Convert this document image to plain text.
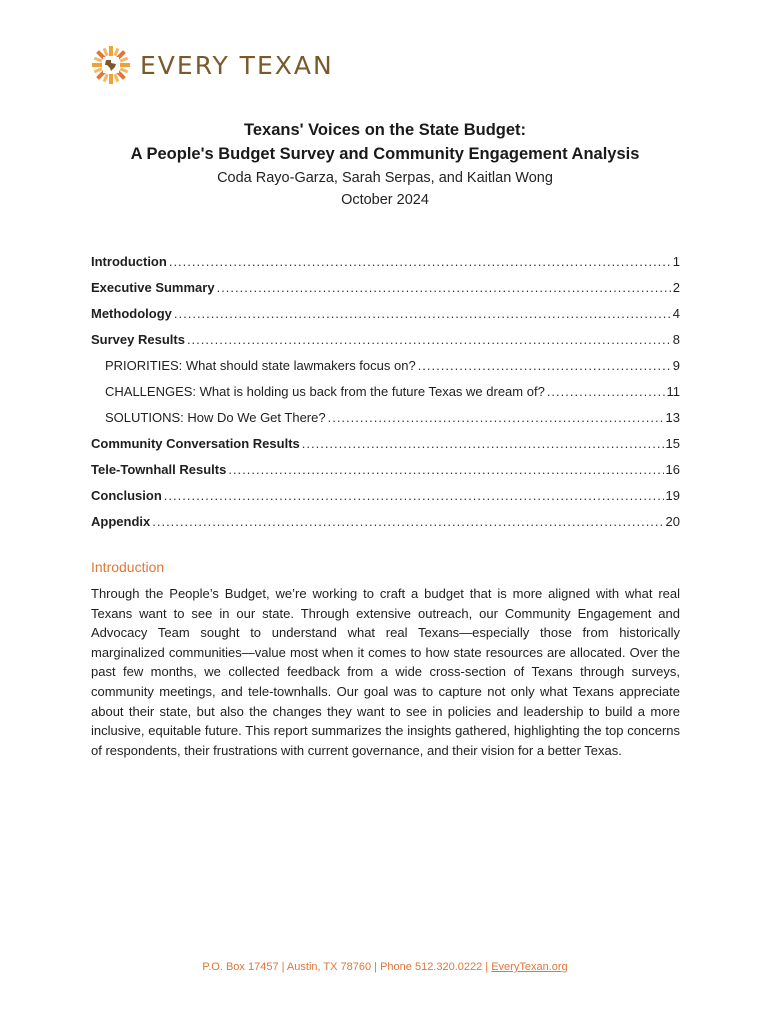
EVERY TEXAN
Texans' Voices on the State Budget:
A People's Budget Survey and Community Engagement Analysis
Coda Rayo-Garza, Sarah Serpas, and Kaitlan Wong
October 2024
Introduction .....	1
Executive Summary .....	2
Methodology .....	4
Survey Results .....	8
PRIORITIES: What should state lawmakers focus on? .....	9
CHALLENGES: What is holding us back from the future Texas we dream of? .....	11
SOLUTIONS: How Do We Get There? .....	13
Community Conversation Results .....	15
Tele-Townhall Results .....	16
Conclusion .....	19
Appendix .....	20
Introduction
Through the People’s Budget, we’re working to craft a budget that is more aligned with what real Texans want to see in our state. Through extensive outreach, our Community Engagement and Advocacy Team sought to understand what real Texans—especially those from historically marginalized communities—value most when it comes to how state resources are allocated. Over the past few months, we collected feedback from a wide cross-section of Texans through surveys, community meetings, and tele-townhalls. Our goal was to capture not only what Texans appreciate about their state, but also the changes they want to see in policies and leadership to build a more inclusive, equitable future. This report summarizes the insights gathered, highlighting the top concerns of respondents, their frustrations with current governance, and their vision for a better Texas.
P.O. Box 17457 | Austin, TX 78760 | Phone 512.320.0222 | EveryTexan.org
